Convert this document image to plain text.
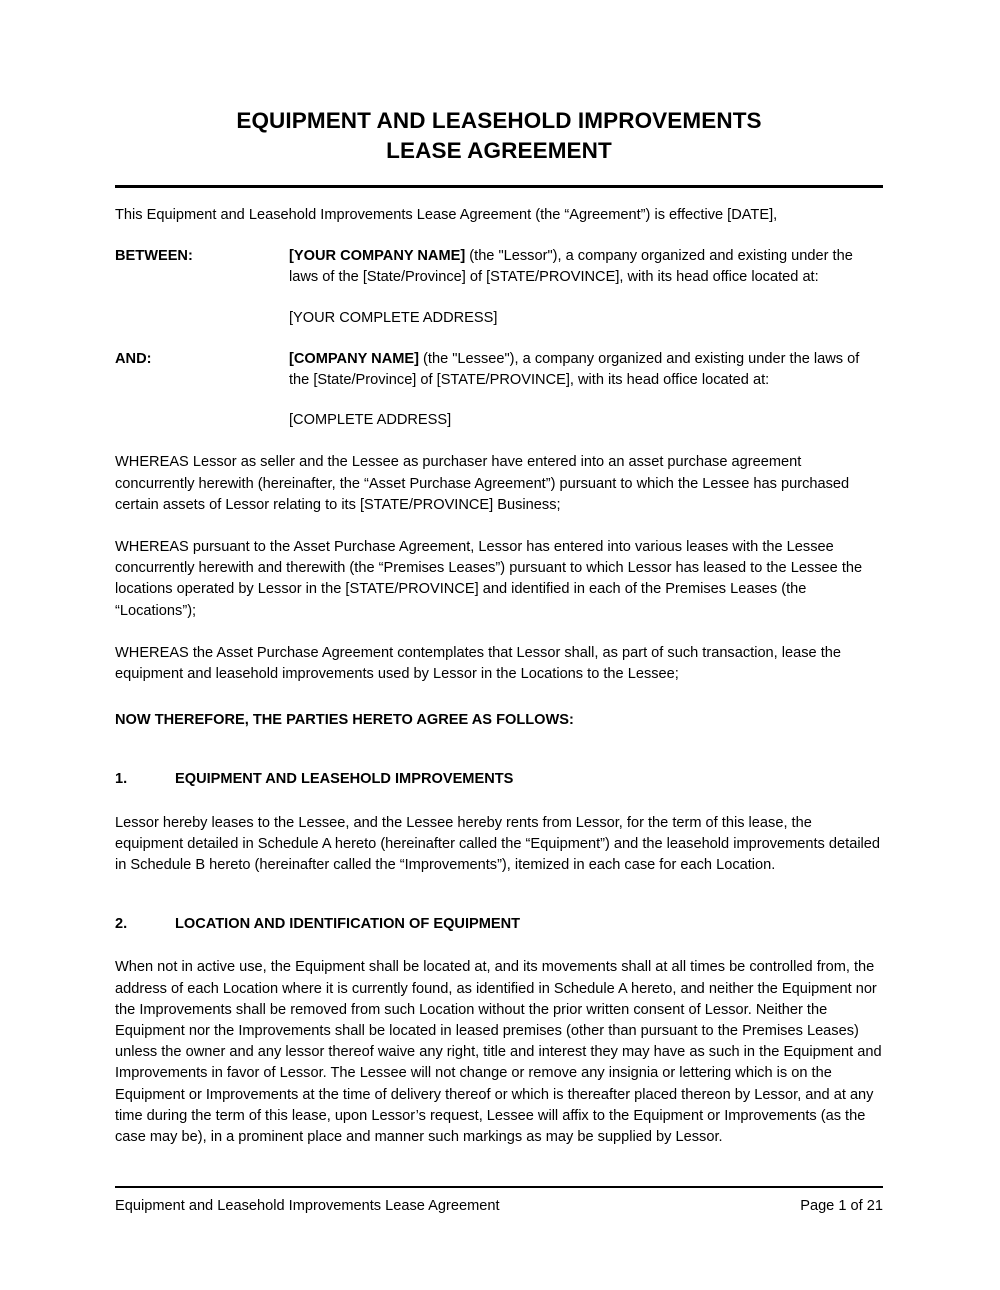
EQUIPMENT AND LEASEHOLD IMPROVEMENTS
LEASE AGREEMENT

This Equipment and Leasehold Improvements Lease Agreement (the “Agreement”) is effective [DATE],

BETWEEN:	[YOUR COMPANY NAME] (the "Lessor"), a company organized and existing under the laws of the [State/Province] of [STATE/PROVINCE], with its head office located at:
[YOUR COMPLETE ADDRESS]
AND:	[COMPANY NAME] (the "Lessee"), a company organized and existing under the laws of the [State/Province] of [STATE/PROVINCE], with its head office located at:
[COMPLETE ADDRESS]

WHEREAS Lessor as seller and the Lessee as purchaser have entered into an asset purchase agreement concurrently herewith (hereinafter, the “Asset Purchase Agreement”) pursuant to which the Lessee has purchased certain assets of Lessor relating to its [STATE/PROVINCE] Business;

WHEREAS pursuant to the Asset Purchase Agreement, Lessor has entered into various leases with the Lessee concurrently herewith and therewith (the “Premises Leases”) pursuant to which Lessor has leased to the Lessee the locations operated by Lessor in the [STATE/PROVINCE] and identified in each of the Premises Leases (the “Locations”);

WHEREAS the Asset Purchase Agreement contemplates that Lessor shall, as part of such transaction, lease the equipment and leasehold improvements used by Lessor in the Locations to the Lessee;

NOW THEREFORE, THE PARTIES HERETO AGREE AS FOLLOWS:

1.	EQUIPMENT AND LEASEHOLD IMPROVEMENTS

Lessor hereby leases to the Lessee, and the Lessee hereby rents from Lessor, for the term of this lease, the equipment detailed in Schedule A hereto (hereinafter called the “Equipment”) and the leasehold improvements detailed in Schedule B hereto (hereinafter called the “Improvements”), itemized in each case for each Location.

2.	LOCATION AND IDENTIFICATION OF EQUIPMENT

When not in active use, the Equipment shall be located at, and its movements shall at all times be controlled from, the address of each Location where it is currently found, as identified in Schedule A hereto, and neither the Equipment nor the Improvements shall be removed from such Location without the prior written consent of Lessor. Neither the Equipment nor the Improvements shall be located in leased premises (other than pursuant to the Premises Leases) unless the owner and any lessor thereof waive any right, title and interest they may have as such in the Equipment and Improvements in favor of Lessor. The Lessee will not change or remove any insignia or lettering which is on the Equipment or Improvements at the time of delivery thereof or which is thereafter placed thereon by Lessor, and at any time during the term of this lease, upon Lessor’s request, Lessee will affix to the Equipment or Improvements (as the case may be), in a prominent place and manner such markings as may be supplied by Lessor.

Equipment and Leasehold Improvements Lease Agreement	Page 1 of 21
